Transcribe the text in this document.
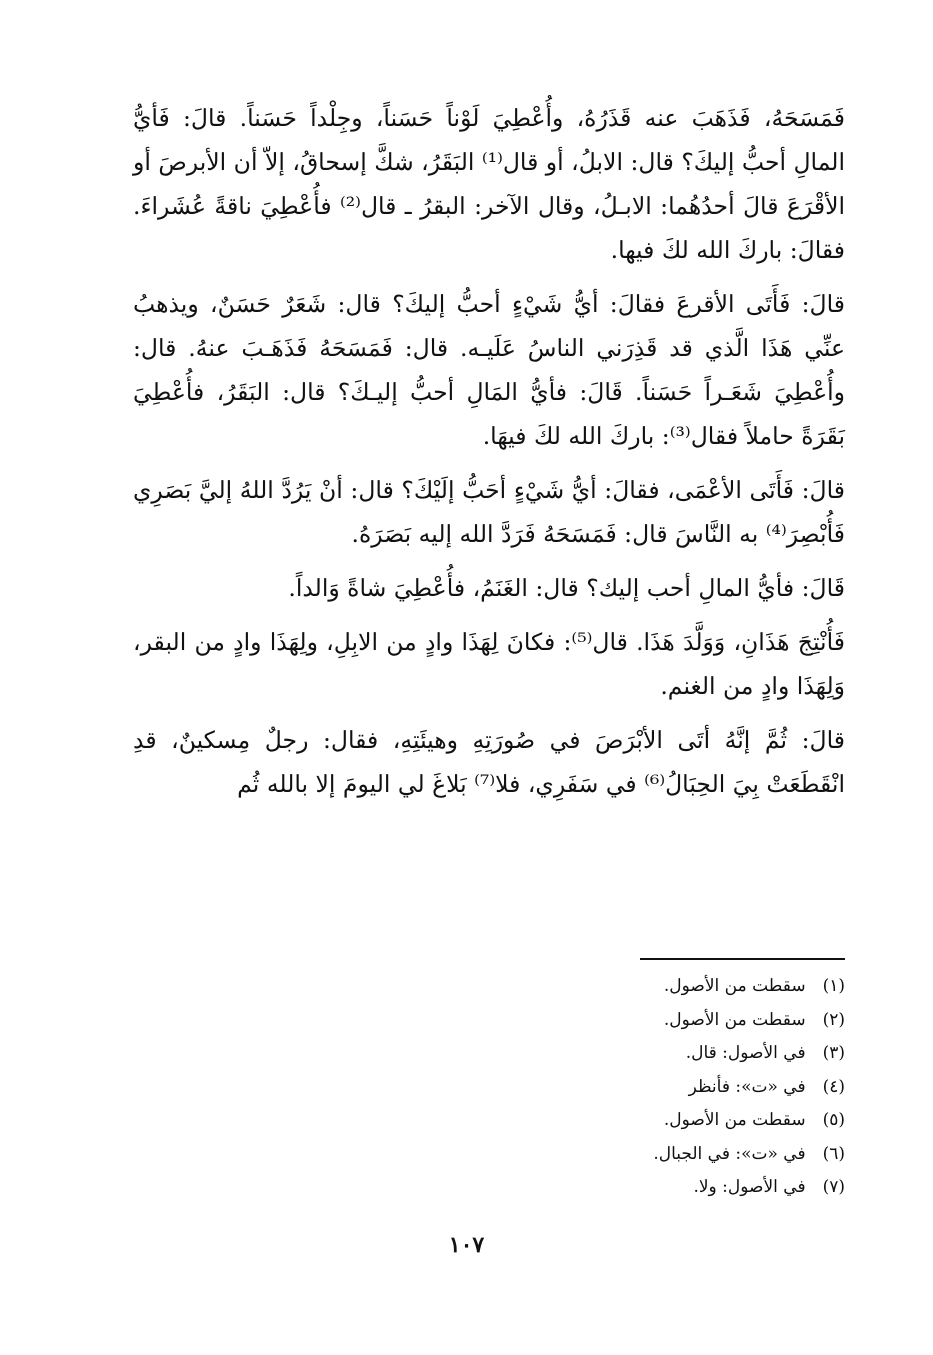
فَمَسَحَهُ، فَذَهَبَ عنه قَذَرُهُ، وأُعْطِيَ لَوْناً حَسَناً، وجِلْداً حَسَناً. قالَ: فَأيُّ المالِ أحبُّ إليكَ؟ قال: الابلُ، أو قال⁽¹⁾ البَقَرُ، شكَّ إسحاقُ، إلاّ أن الأبرصَ أو الأقْرَعَ قالَ أحدُهُما: الابـلُ، وقال الآخر: البقرُ ـ قال⁽²⁾ فأُعْطِيَ ناقةً عُشَراءَ. فقالَ: باركَ الله لكَ فيها.

قالَ: فَأَتَى الأقرعَ فقالَ: أيُّ شَيْءٍ أحبُّ إليكَ؟ قال: شَعَرٌ حَسَنٌ، ويذهبُ عنِّي هَذَا الَّذي قد قَذِرَني الناسُ عَلَيـه. قال: فَمَسَحَهُ فَذَهَـبَ عنهُ. قال: وأُعْطِيَ شَعَـراً حَسَناً. قَالَ: فأيُّ المَالِ أحبُّ إليـكَ؟ قال: البَقَرُ، فأُعْطِيَ بَقَرَةً حاملاً فقال⁽³⁾: باركَ الله لكَ فيهَا.

قالَ: فَأَتَى الأعْمَى، فقالَ: أيُّ شَيْءٍ أحَبُّ إلَيْكَ؟ قال: أنْ يَرُدَّ اللهُ إليَّ بَصَرِي فَأُبْصِرَ⁽⁴⁾ به النَّاسَ قال: فَمَسَحَهُ فَرَدَّ الله إليه بَصَرَهُ.

قَالَ: فأيُّ المالِ أحب إليك؟ قال: الغَنَمُ، فأُعْطِيَ شاةً وَالداً.

فَأُنْتِجَ هَذَانِ، وَوَلَّدَ هَذَا. قال⁽⁵⁾: فكانَ لِهَذَا وادٍ من الابِلِ، ولِهَذَا وادٍ من البقر، وَلِهَذَا وادٍ من الغنم.

قالَ: ثُمَّ إنَّهُ أتَى الأبْرَصَ في صُورَتِهِ وهيئَتِهِ، فقال: رجلٌ مِسكينٌ، قدِ انْقَطَعَتْ بِيَ الحِبَالُ⁽⁶⁾ في سَفَرِي، فلا⁽⁷⁾ بَلاغَ لي اليومَ إلا بالله ثُم

(١) سقطت من الأصول.
(٢) سقطت من الأصول.
(٣) في الأصول: قال.
(٤) في «ت»: فأنظر
(٥) سقطت من الأصول.
(٦) في «ت»: في الجبال.
(٧) في الأصول: ولا.
١٠٧
